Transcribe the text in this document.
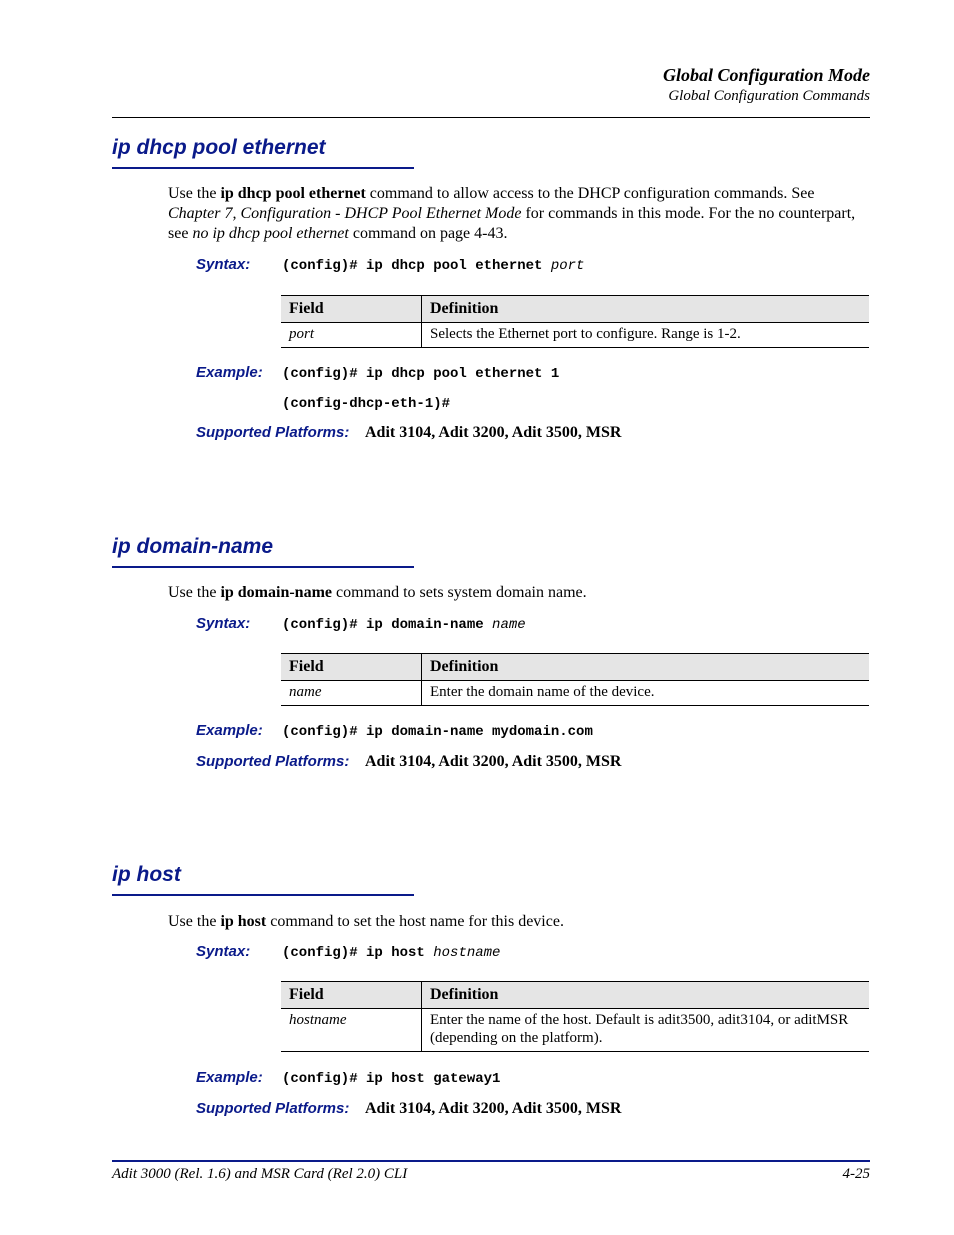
Global Configuration Mode
Global Configuration Commands
ip dhcp pool ethernet
Use the ip dhcp pool ethernet command to allow access to the DHCP configuration commands. See Chapter 7, Configuration - DHCP Pool Ethernet Mode for commands in this mode. For the no counterpart, see no ip dhcp pool ethernet command on page 4-43.
Syntax: (config)# ip dhcp pool ethernet port
Field	Definition
port	Selects the Ethernet port to configure. Range is 1-2.
Example: (config)# ip dhcp pool ethernet 1
(config-dhcp-eth-1)#
Supported Platforms: Adit 3104, Adit 3200, Adit 3500, MSR
ip domain-name
Use the ip domain-name command to sets system domain name.
Syntax: (config)# ip domain-name name
Field	Definition
name	Enter the domain name of the device.
Example: (config)# ip domain-name mydomain.com
Supported Platforms: Adit 3104, Adit 3200, Adit 3500, MSR
ip host
Use the ip host command to set the host name for this device.
Syntax: (config)# ip host hostname
Field	Definition
hostname	Enter the name of the host. Default is adit3500, adit3104, or aditMSR (depending on the platform).
Example: (config)# ip host gateway1
Supported Platforms: Adit 3104, Adit 3200, Adit 3500, MSR
Adit 3000 (Rel. 1.6) and MSR Card (Rel 2.0) CLI	4-25
